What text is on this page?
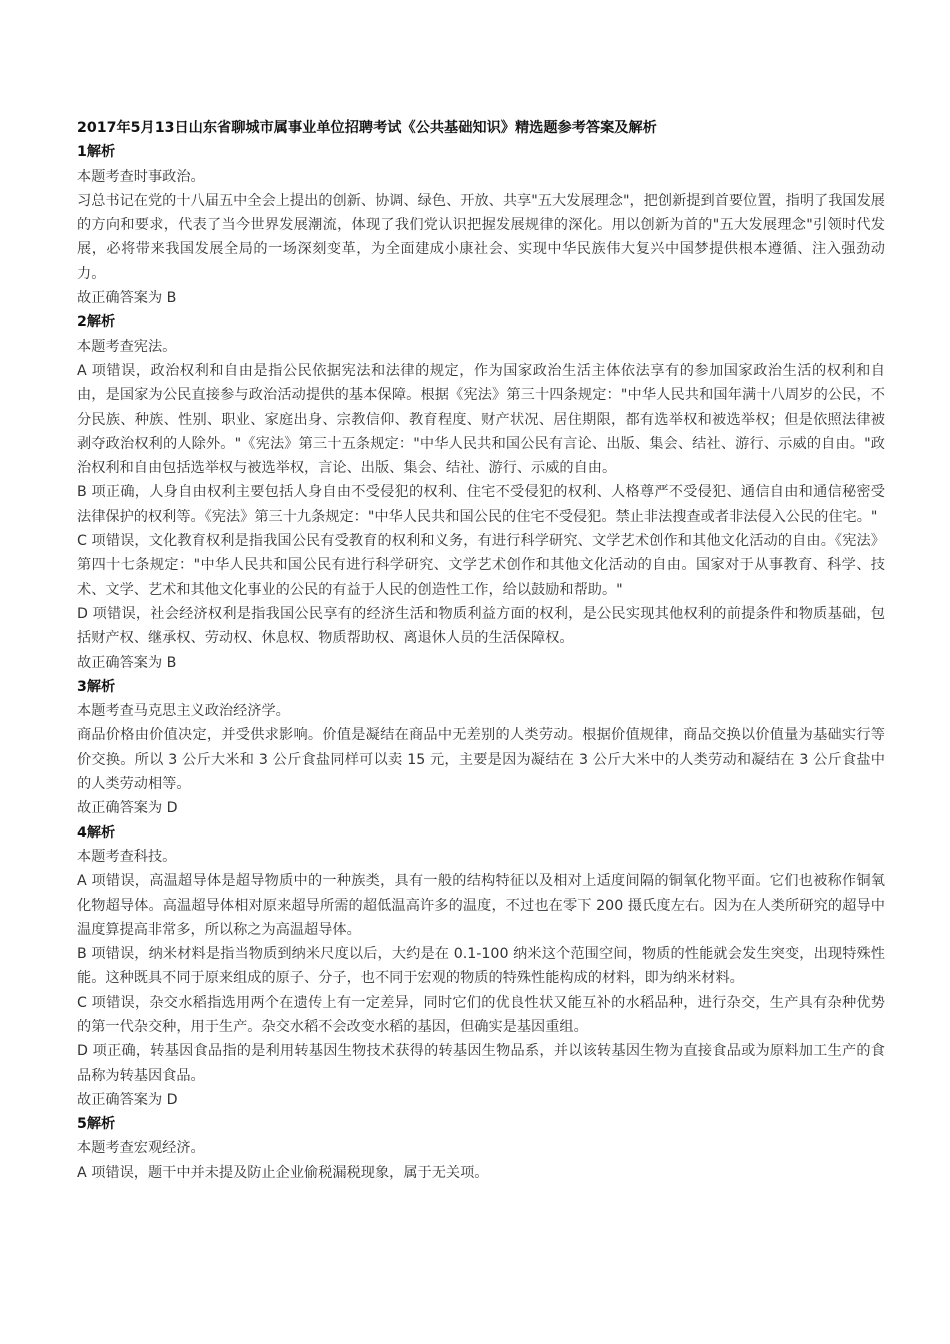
2017年5月13日山东省聊城市属事业单位招聘考试《公共基础知识》精选题参考答案及解析

1解析

本题考查时事政治。

习总书记在党的十八届五中全会上提出的创新、协调、绿色、开放、共享"五大发展理念"，把创新提到首要位置，指明了我国发展的方向和要求，代表了当今世界发展潮流，体现了我们党认识把握发展规律的深化。用以创新为首的"五大发展理念"引领时代发展，必将带来我国发展全局的一场深刻变革，为全面建成小康社会、实现中华民族伟大复兴中国梦提供根本遵循、注入强劲动力。

故正确答案为 B

2解析

本题考查宪法。

A 项错误，政治权利和自由是指公民依据宪法和法律的规定，作为国家政治生活主体依法享有的参加国家政治生活的权利和自由，是国家为公民直接参与政治活动提供的基本保障。根据《宪法》第三十四条规定："中华人民共和国年满十八周岁的公民，不分民族、种族、性别、职业、家庭出身、宗教信仰、教育程度、财产状况、居住期限，都有选举权和被选举权；但是依照法律被剥夺政治权利的人除外。"《宪法》第三十五条规定："中华人民共和国公民有言论、出版、集会、结社、游行、示威的自由。"政治权利和自由包括选举权与被选举权，言论、出版、集会、结社、游行、示威的自由。

B 项正确，人身自由权利主要包括人身自由不受侵犯的权利、住宅不受侵犯的权利、人格尊严不受侵犯、通信自由和通信秘密受法律保护的权利等。《宪法》第三十九条规定："中华人民共和国公民的住宅不受侵犯。禁止非法搜查或者非法侵入公民的住宅。"

C 项错误，文化教育权利是指我国公民有受教育的权利和义务，有进行科学研究、文学艺术创作和其他文化活动的自由。《宪法》第四十七条规定："中华人民共和国公民有进行科学研究、文学艺术创作和其他文化活动的自由。国家对于从事教育、科学、技术、文学、艺术和其他文化事业的公民的有益于人民的创造性工作，给以鼓励和帮助。"

D 项错误，社会经济权利是指我国公民享有的经济生活和物质利益方面的权利，是公民实现其他权利的前提条件和物质基础，包括财产权、继承权、劳动权、休息权、物质帮助权、离退休人员的生活保障权。

故正确答案为 B

3解析

本题考查马克思主义政治经济学。

商品价格由价值决定，并受供求影响。价值是凝结在商品中无差别的人类劳动。根据价值规律，商品交换以价值量为基础实行等价交换。所以 3 公斤大米和 3 公斤食盐同样可以卖 15 元，主要是因为凝结在 3 公斤大米中的人类劳动和凝结在 3 公斤食盐中的人类劳动相等。

故正确答案为 D

4解析

本题考查科技。

A 项错误，高温超导体是超导物质中的一种族类，具有一般的结构特征以及相对上适度间隔的铜氧化物平面。它们也被称作铜氧化物超导体。高温超导体相对原来超导所需的超低温高许多的温度，不过也在零下 200 摄氏度左右。因为在人类所研究的超导中温度算提高非常多，所以称之为高温超导体。

B 项错误，纳米材料是指当物质到纳米尺度以后，大约是在 0.1-100 纳米这个范围空间，物质的性能就会发生突变，出现特殊性能。这种既具不同于原来组成的原子、分子，也不同于宏观的物质的特殊性能构成的材料，即为纳米材料。

C 项错误，杂交水稻指选用两个在遗传上有一定差异，同时它们的优良性状又能互补的水稻品种，进行杂交，生产具有杂种优势的第一代杂交种，用于生产。杂交水稻不会改变水稻的基因，但确实是基因重组。

D 项正确，转基因食品指的是利用转基因生物技术获得的转基因生物品系，并以该转基因生物为直接食品或为原料加工生产的食品称为转基因食品。

故正确答案为 D

5解析

本题考查宏观经济。

A 项错误，题干中并未提及防止企业偷税漏税现象，属于无关项。
